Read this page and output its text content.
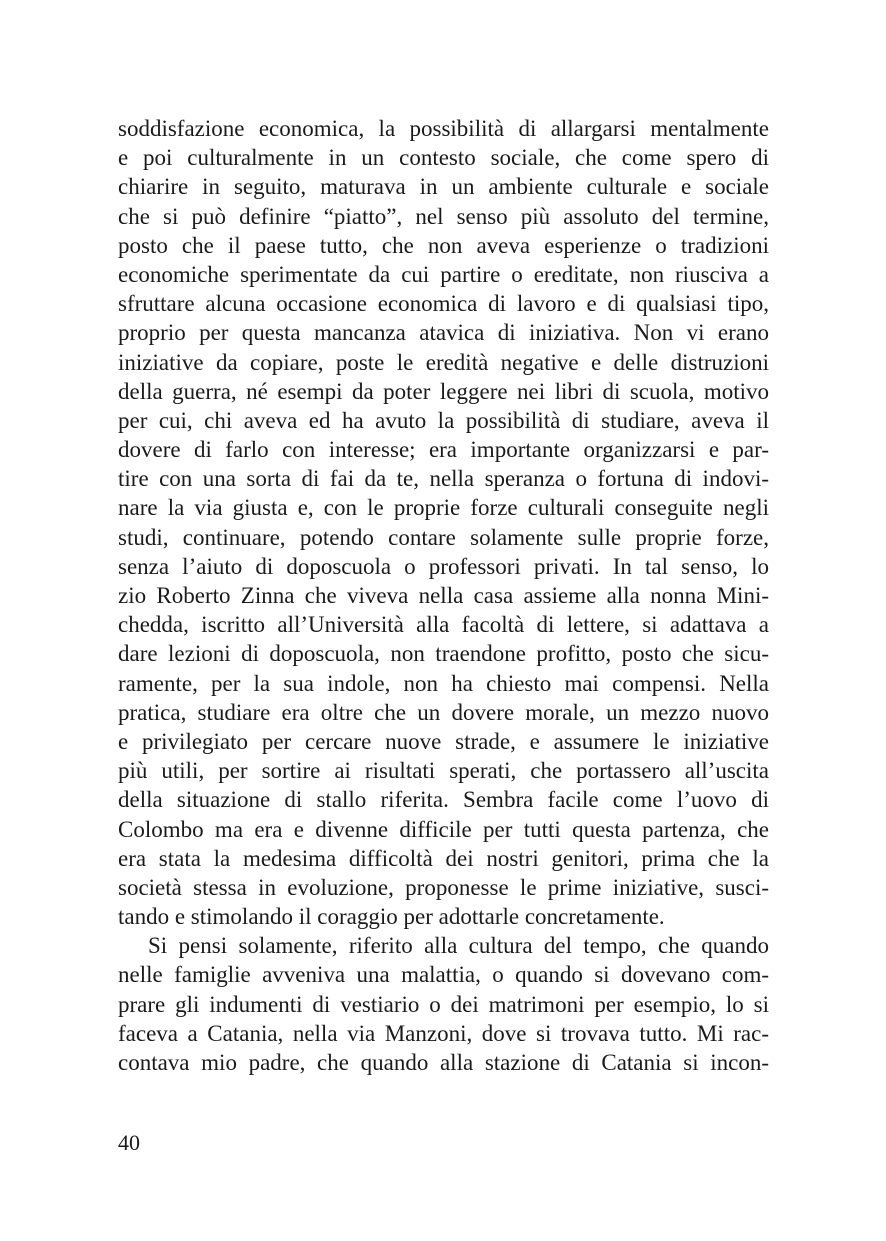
soddisfazione economica, la possibilità di allargarsi mentalmente
e poi culturalmente in un contesto sociale, che come spero di
chiarire in seguito, maturava in un ambiente culturale e sociale
che si può definire “piatto”, nel senso più assoluto del termine,
posto che il paese tutto, che non aveva esperienze o tradizioni
economiche sperimentate da cui partire o ereditate, non riusciva a
sfruttare alcuna occasione economica di lavoro e di qualsiasi tipo,
proprio per questa mancanza atavica di iniziativa. Non vi erano
iniziative da copiare, poste le eredità negative e delle distruzioni
della guerra, né esempi da poter leggere nei libri di scuola, motivo
per cui, chi aveva ed ha avuto la possibilità di studiare, aveva il
dovere di farlo con interesse; era importante organizzarsi e par-
tire con una sorta di fai da te, nella speranza o fortuna di indovi-
nare la via giusta e, con le proprie forze culturali conseguite negli
studi, continuare, potendo contare solamente sulle proprie forze,
senza l’aiuto di doposcuola o professori privati. In tal senso, lo
zio Roberto Zinna che viveva nella casa assieme alla nonna Mini-
chedda, iscritto all’Università alla facoltà di lettere, si adattava a
dare lezioni di doposcuola, non traendone profitto, posto che sicu-
ramente, per la sua indole, non ha chiesto mai compensi. Nella
pratica, studiare era oltre che un dovere morale, un mezzo nuovo
e privilegiato per cercare nuove strade, e assumere le iniziative
più utili, per sortire ai risultati sperati, che portassero all’uscita
della situazione di stallo riferita. Sembra facile come l’uovo di
Colombo ma era e divenne difficile per tutti questa partenza, che
era stata la medesima difficoltà dei nostri genitori, prima che la
società stessa in evoluzione, proponesse le prime iniziative, susci-
tando e stimolando il coraggio per adottarle concretamente.
Si pensi solamente, riferito alla cultura del tempo, che quando
nelle famiglie avveniva una malattia, o quando si dovevano com-
prare gli indumenti di vestiario o dei matrimoni per esempio, lo si
faceva a Catania, nella via Manzoni, dove si trovava tutto. Mi rac-
contava mio padre, che quando alla stazione di Catania si incon-
40
